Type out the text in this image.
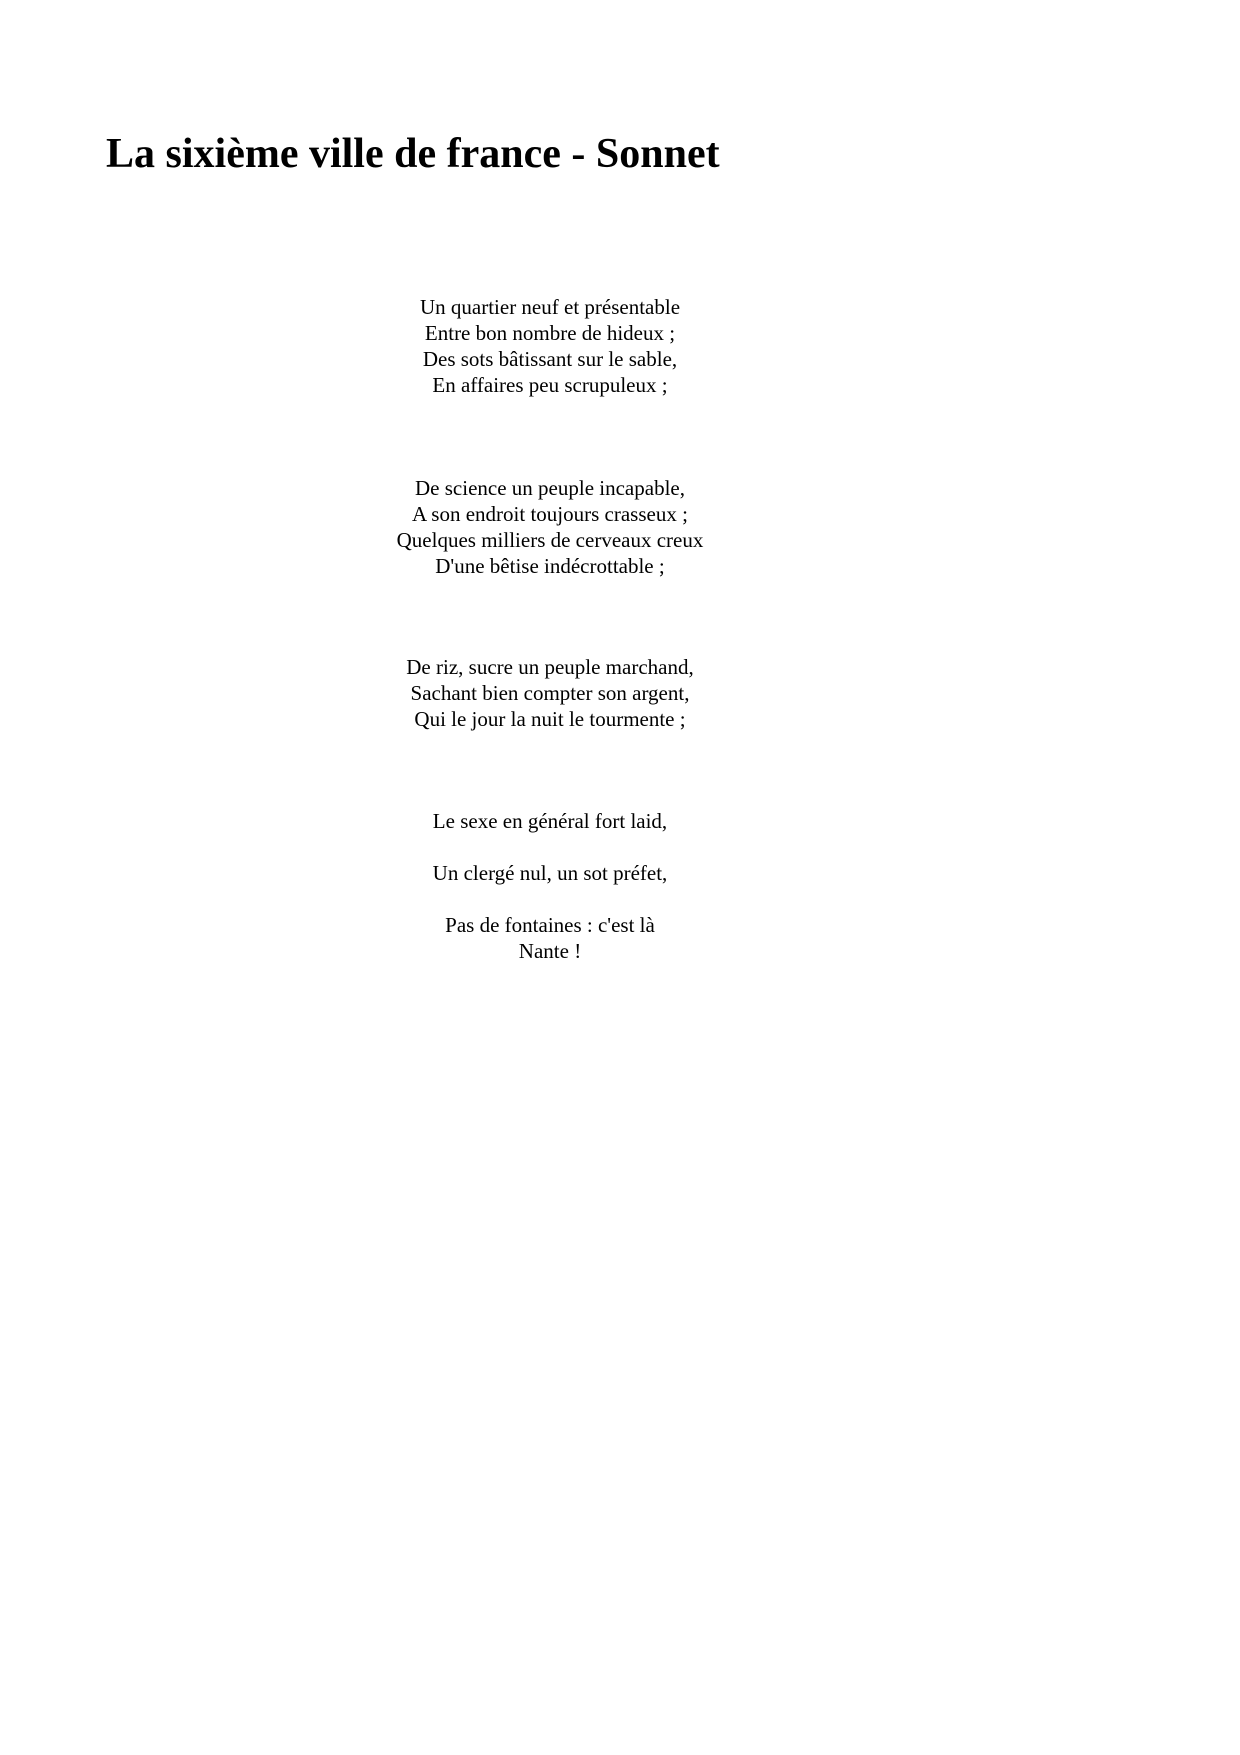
La sixième ville de france - Sonnet
Un quartier neuf et présentable
Entre bon nombre de hideux ;
Des sots bâtissant sur le sable,
En affaires peu scrupuleux ;
De science un peuple incapable,
A son endroit toujours crasseux ;
Quelques milliers de cerveaux creux
D'une bêtise indécrottable ;
De riz, sucre un peuple marchand,
Sachant bien compter son argent,
Qui le jour la nuit le tourmente ;
Le sexe en général fort laid,

Un clergé nul, un sot préfet,

Pas de fontaines : c'est là
Nante !
